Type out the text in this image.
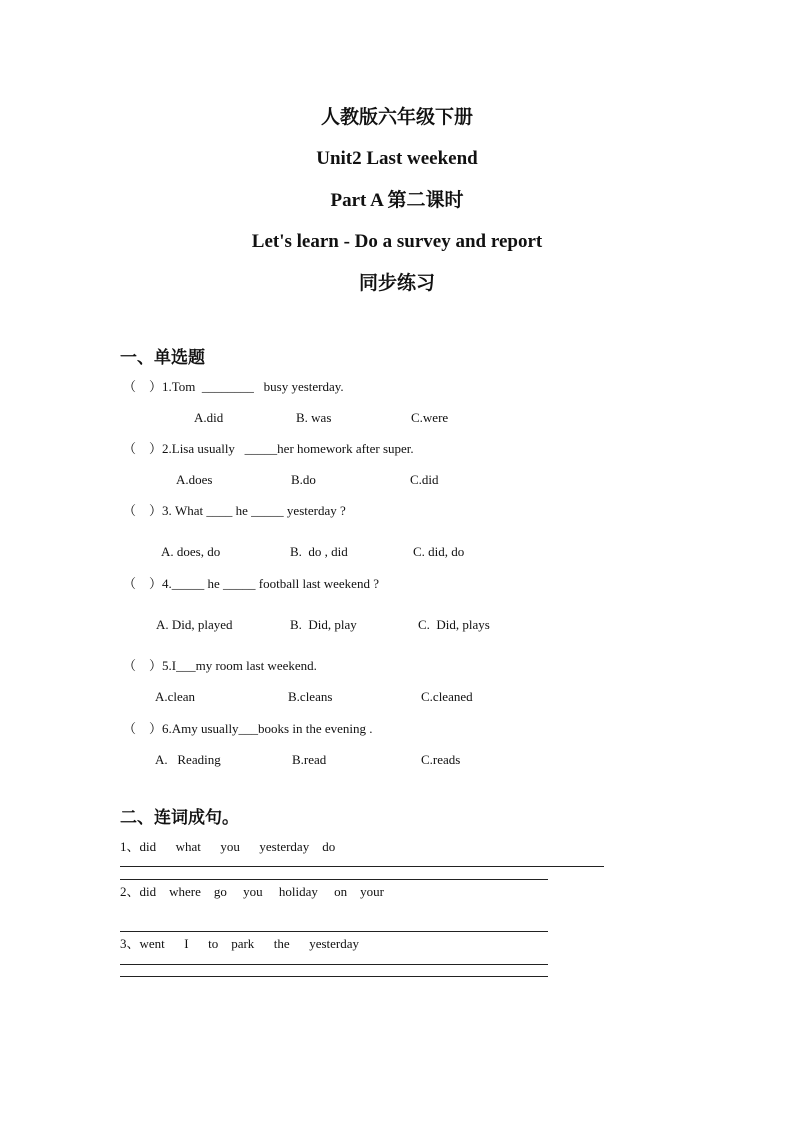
人教版六年级下册
Unit2 Last weekend
Part A 第二课时
Let's learn - Do a survey and report
同步练习
一、单选题
（    ）1.Tom  ________   busy yesterday.
A.did	B. was	C.were
（    ）2.Lisa usually   _____her homework after super.
A.does	B.do	C.did
（    ）3. What ____ he _____ yesterday ?
A. does, do	B.  do , did	C. did, do
（    ）4._____ he _____ football last weekend ?
A. Did, played	B.  Did, play	C.  Did, plays
（    ）5.I___my room last weekend.
A.clean	B.cleans	C.cleaned
（    ）6.Amy usually___books in the evening .
A.   Reading	B.read	C.reads
二、连词成句。
1、did      what      you      yesterday    do
2、did    where    go     you     holiday     on    your
3、went      I      to    park      the      yesterday
